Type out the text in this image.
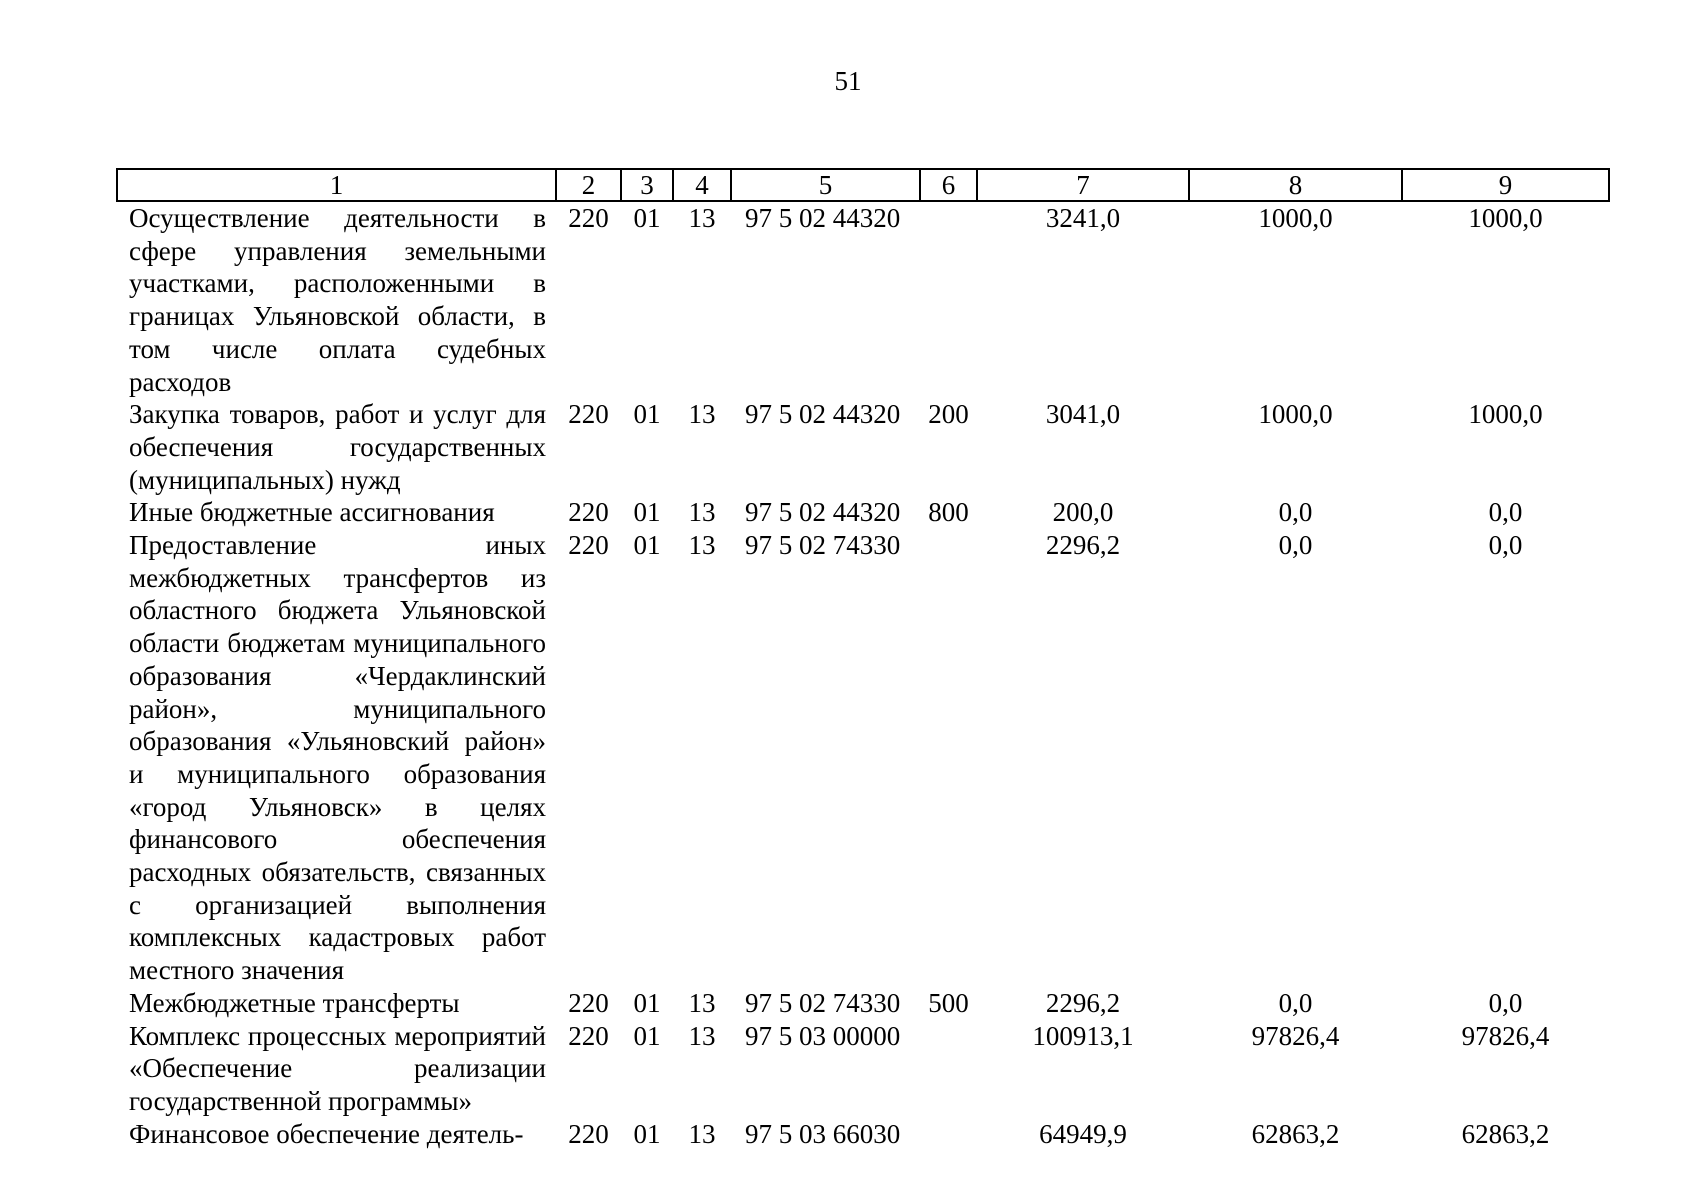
51
1	2	3	4	5	6	7	8	9
Осуществление деятельности в сфере управления земельными участками, расположенными в границах Ульяновской области, в том числе оплата судебных расходов	220	01	13	97 5 02 44320		3241,0	1000,0	1000,0
Закупка товаров, работ и услуг для обеспечения государственных (муниципальных) нужд	220	01	13	97 5 02 44320	200	3041,0	1000,0	1000,0
Иные бюджетные ассигнования	220	01	13	97 5 02 44320	800	200,0	0,0	0,0
Предоставление иных межбюджетных трансфертов из областного бюджета Ульяновской области бюджетам муниципального образования «Чердаклинский район», муниципального образования «Ульяновский район» и муниципального образования «город Ульяновск» в целях финансового обеспечения расходных обязательств, связанных с организацией выполнения комплексных кадастровых работ местного значения	220	01	13	97 5 02 74330		2296,2	0,0	0,0
Межбюджетные трансферты	220	01	13	97 5 02 74330	500	2296,2	0,0	0,0
Комплекс процессных мероприятий «Обеспечение реализации государственной программы»	220	01	13	97 5 03 00000		100913,1	97826,4	97826,4
Финансовое обеспечение деятель-	220	01	13	97 5 03 66030		64949,9	62863,2	62863,2
